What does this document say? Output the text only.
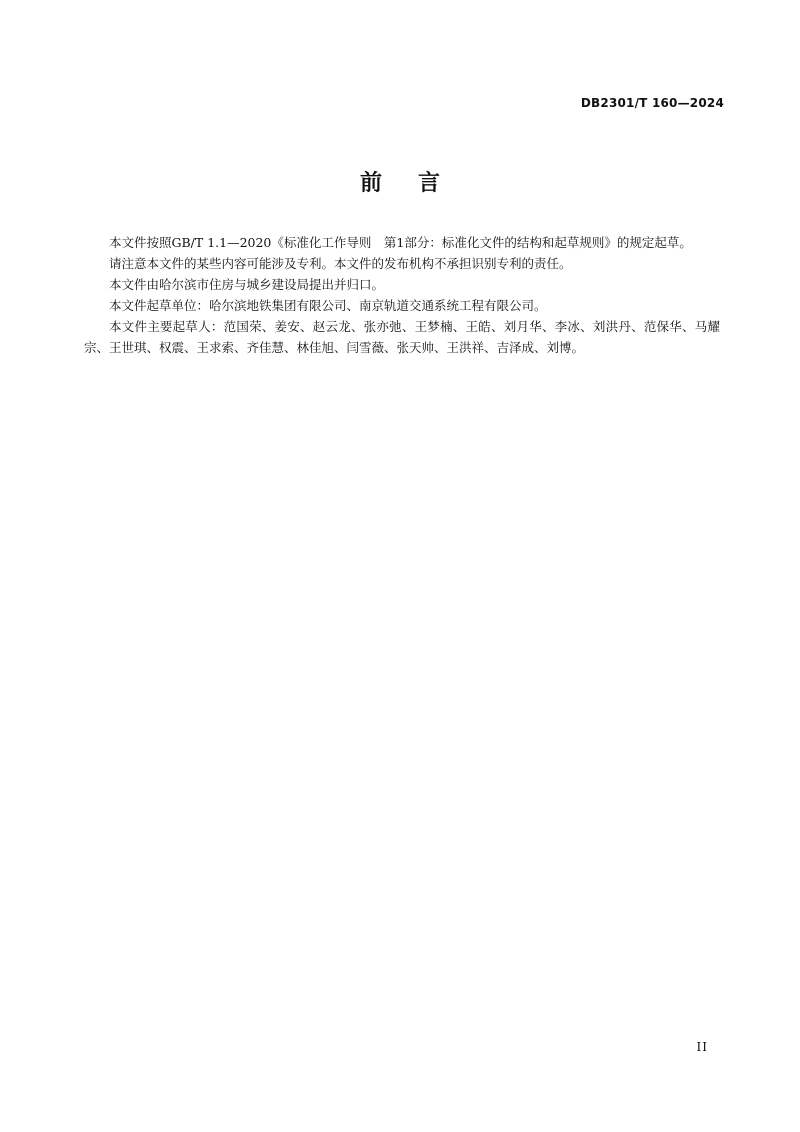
DB2301/T 160—2024
前言

本文件按照GB/T 1.1—2020《标准化工作导则　第1部分：标准化文件的结构和起草规则》的规定起草。

请注意本文件的某些内容可能涉及专利。本文件的发布机构不承担识别专利的责任。

本文件由哈尔滨市住房与城乡建设局提出并归口。

本文件起草单位：哈尔滨地铁集团有限公司、南京轨道交通系统工程有限公司。

本文件主要起草人：范国荣、姜安、赵云龙、张亦弛、王梦楠、王皓、刘月华、李冰、刘洪丹、范保华、马耀宗、王世琪、权震、王求索、齐佳慧、林佳旭、闫雪薇、张天帅、王洪祥、吉泽成、刘博。

II
